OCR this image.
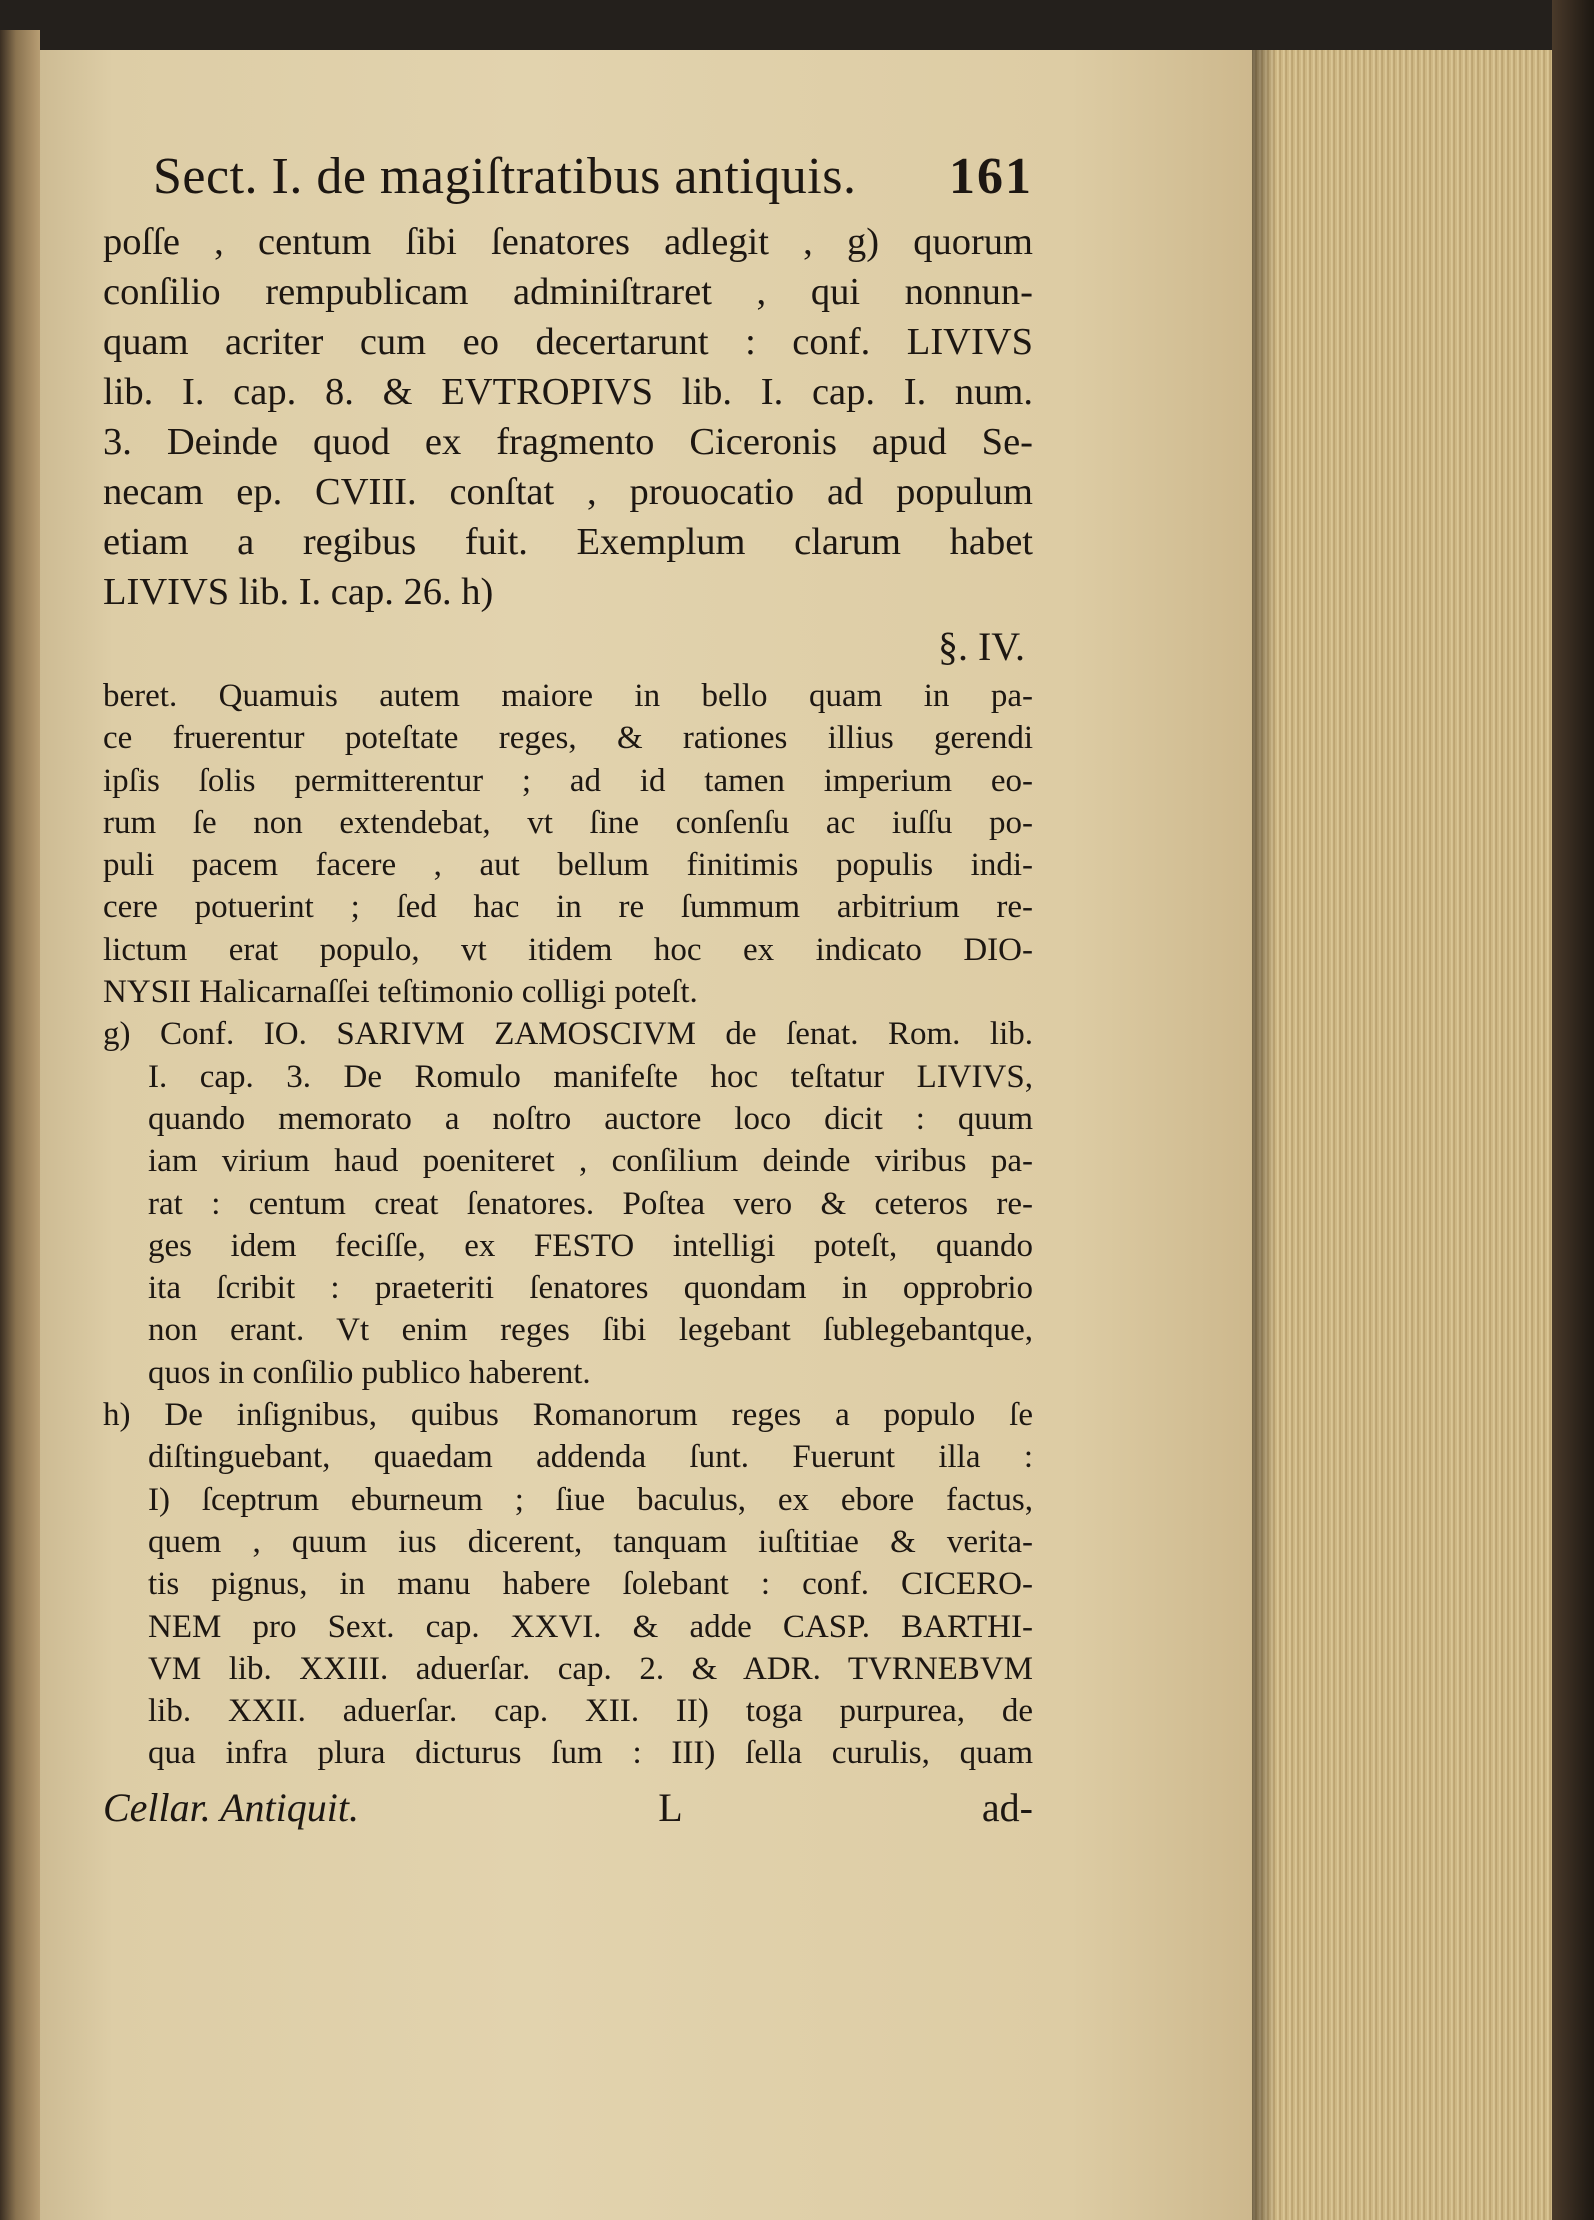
Sect. I. de magiſtratibus antiquis. 161
poſſe , centum ſibi ſenatores adlegit , g) quorum
conſilio rempublicam adminiſtraret , qui nonnun-
quam acriter cum eo decertarunt : conf. LIVIVS
lib. I. cap. 8. & EVTROPIVS lib. I. cap. I. num.
3. Deinde quod ex fragmento Ciceronis apud Se-
necam ep. CVIII. conſtat , prouocatio ad populum
etiam a regibus fuit. Exemplum clarum habet
LIVIVS lib. I. cap. 26. h)
§. IV.
beret. Quamuis autem maiore in bello quam in pa-
ce fruerentur poteſtate reges, & rationes illius gerendi
ipſis ſolis permitterentur ; ad id tamen imperium eo-
rum ſe non extendebat, vt ſine conſenſu ac iuſſu po-
puli pacem facere , aut bellum finitimis populis indi-
cere potuerint ; ſed hac in re ſummum arbitrium re-
lictum erat populo, vt itidem hoc ex indicato DIO-
NYSII Halicarnaſſei teſtimonio colligi poteſt.
g) Conf. IO. SARIVM ZAMOSCIVM de ſenat. Rom. lib.
I. cap. 3. De Romulo manifeſte hoc teſtatur LIVIVS,
quando memorato a noſtro auctore loco dicit : quum
iam virium haud poeniteret , conſilium deinde viribus pa-
rat : centum creat ſenatores. Poſtea vero & ceteros re-
ges idem feciſſe, ex FESTO intelligi poteſt, quando
ita ſcribit : praeteriti ſenatores quondam in opprobrio
non erant. Vt enim reges ſibi legebant ſublegebantque,
quos in conſilio publico haberent.
h) De inſignibus, quibus Romanorum reges a populo ſe
diſtinguebant, quaedam addenda ſunt. Fuerunt illa :
I) ſceptrum eburneum ; ſiue baculus, ex ebore factus,
quem , quum ius dicerent, tanquam iuſtitiae & verita-
tis pignus, in manu habere ſolebant : conf. CICERO-
NEM pro Sext. cap. XXVI. & adde CASP. BARTHI-
VM lib. XXIII. aduerſar. cap. 2. & ADR. TVRNEBVM
lib. XXII. aduerſar. cap. XII. II) toga purpurea, de
qua infra plura dicturus ſum : III) ſella curulis, quam
Cellar. Antiquit.	L	ad-
